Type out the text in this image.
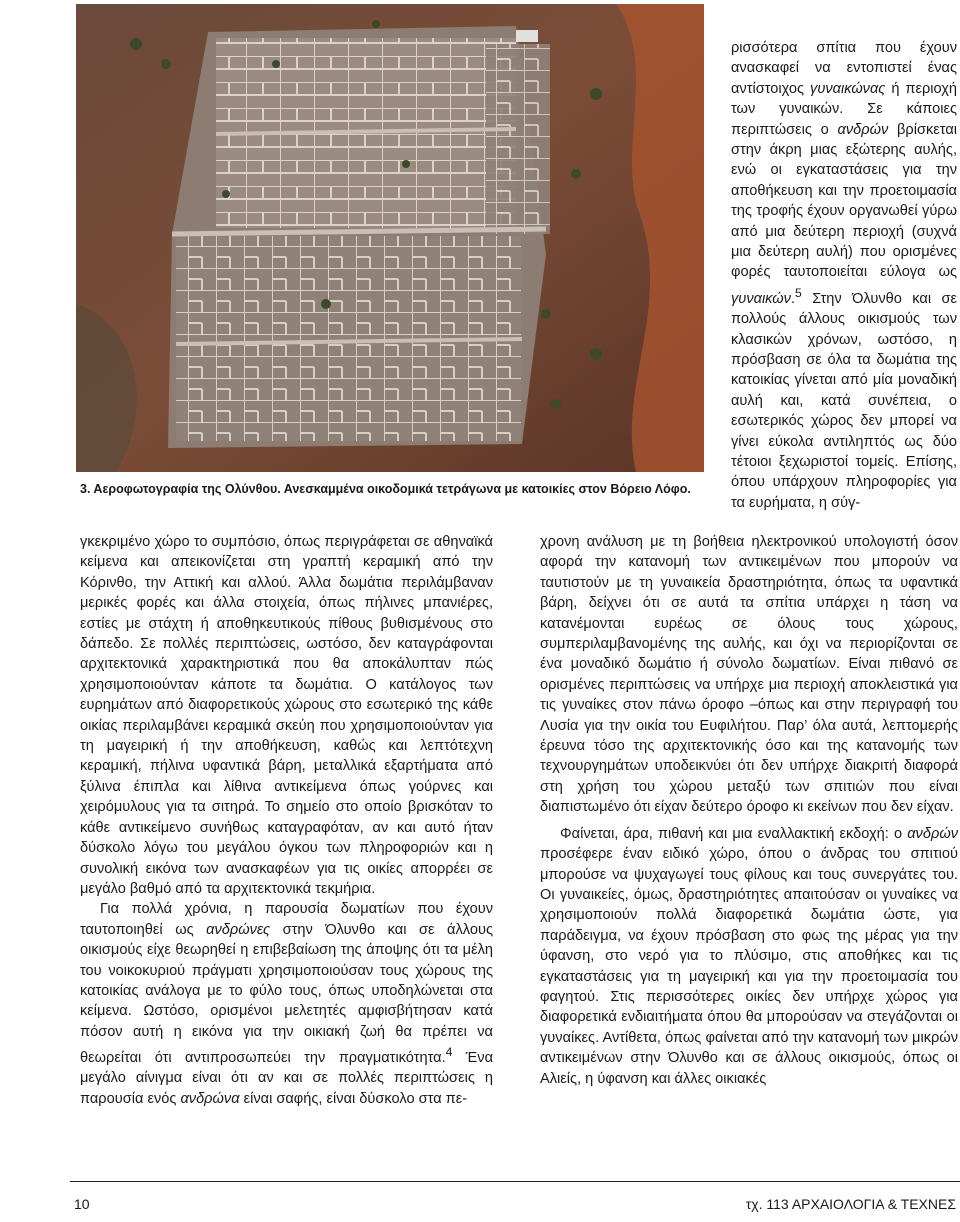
3. Αεροφωτογραφία της Ολύνθου. Ανεσκαμμένα οικοδομικά τετράγωνα με κατοικίες στον Βόρειο Λόφο.

ρισσότερα σπίτια που έχουν ανασκαφεί να εντοπιστεί ένας αντίστοιχος γυναικώνας ή περιοχή των γυναικών. Σε κάποιες περιπτώσεις ο ανδρών βρίσκεται στην άκρη μιας εξώτερης αυλής, ενώ οι εγκαταστάσεις για την αποθήκευση και την προετοιμασία της τροφής έχουν οργανωθεί γύρω από μια δεύτερη περιοχή (συχνά μια δεύτερη αυλή) που ορισμένες φορές ταυτοποιείται εύλογα ως γυναικών.$^5$ Στην Όλυνθο και σε πολλούς άλλους οικισμούς των κλασικών χρόνων, ωστόσο, η πρόσβαση σε όλα τα δωμάτια της κατοικίας γίνεται από μία μοναδική αυλή και, κατά συνέπεια, ο εσωτερικός χώρος δεν μπορεί να γίνει εύκολα αντιληπτός ως δύο τέτοιοι ξεχωριστοί τομείς. Επίσης, όπου υπάρχουν πληροφορίες για τα ευρήματα, η σύγ-

γκεκριμένο χώρο το συμπόσιο, όπως περιγράφεται σε αθηναϊκά κείμενα και απεικονίζεται στη γραπτή κεραμική από την Κόρινθο, την Αττική και αλλού. Άλλα δωμάτια περιλάμβαναν μερικές φορές και άλλα στοιχεία, όπως πήλινες μπανιέρες, εστίες με στάχτη ή αποθηκευτικούς πίθους βυθισμένους στο δάπεδο. Σε πολλές περιπτώσεις, ωστόσο, δεν καταγράφονται αρχιτεκτονικά χαρακτηριστικά που θα αποκάλυπταν πώς χρησιμοποιούνταν κάποτε τα δωμάτια. Ο κατάλογος των ευρημάτων από διαφορετικούς χώρους στο εσωτερικό της κάθε οικίας περιλαμβάνει κεραμικά σκεύη που χρησιμοποιούνταν για τη μαγειρική ή την αποθήκευση, καθώς και λεπτότεχνη κεραμική, πήλινα υφαντικά βάρη, μεταλλικά εξαρτήματα από ξύλινα έπιπλα και λίθινα αντικείμενα όπως γούρνες και χειρόμυλους για τα σιτηρά. Το σημείο στο οποίο βρισκόταν το κάθε αντικείμενο συνήθως καταγραφόταν, αν και αυτό ήταν δύσκολο λόγω του μεγάλου όγκου των πληροφοριών και η συνολική εικόνα των ανασκαφέων για τις οικίες απορρέει σε μεγάλο βαθμό από τα αρχιτεκτονικά τεκμήρια.

Για πολλά χρόνια, η παρουσία δωματίων που έχουν ταυτοποιηθεί ως ανδρώνες στην Όλυνθο και σε άλλους οικισμούς είχε θεωρηθεί η επιβεβαίωση της άποψης ότι τα μέλη του νοικοκυριού πράγματι χρησιμοποιούσαν τους χώρους της κατοικίας ανάλογα με το φύλο τους, όπως υποδηλώνεται στα κείμενα. Ωστόσο, ορισμένοι μελετητές αμφισβήτησαν κατά πόσον αυτή η εικόνα για την οικιακή ζωή θα πρέπει να θεωρείται ότι αντιπροσωπεύει την πραγματικότητα.$^4$ Ένα μεγάλο αίνιγμα είναι ότι αν και σε πολλές περιπτώσεις η παρουσία ενός ανδρώνα είναι σαφής, είναι δύσκολο στα πε-

χρονη ανάλυση με τη βοήθεια ηλεκτρονικού υπολογιστή όσον αφορά την κατανομή των αντικειμένων που μπορούν να ταυτιστούν με τη γυναικεία δραστηριότητα, όπως τα υφαντικά βάρη, δείχνει ότι σε αυτά τα σπίτια υπάρχει η τάση να κατανέμονται ευρέως σε όλους τους χώρους, συμπεριλαμβανομένης της αυλής, και όχι να περιορίζονται σε ένα μοναδικό δωμάτιο ή σύνολο δωματίων. Είναι πιθανό σε ορισμένες περιπτώσεις να υπήρχε μια περιοχή αποκλειστικά για τις γυναίκες στον πάνω όροφο –όπως και στην περιγραφή του Λυσία για την οικία του Ευφιλήτου. Παρ’ όλα αυτά, λεπτομερής έρευνα τόσο της αρχιτεκτονικής όσο και της κατανομής των τεχνουργημάτων υποδεικνύει ότι δεν υπήρχε διακριτή διαφορά στη χρήση του χώρου μεταξύ των σπιτιών που είναι διαπιστωμένο ότι είχαν δεύτερο όροφο κι εκείνων που δεν είχαν.

Φαίνεται, άρα, πιθανή και μια εναλλακτική εκδοχή: ο ανδρών προσέφερε έναν ειδικό χώρο, όπου ο άνδρας του σπιτιού μπορούσε να ψυχαγωγεί τους φίλους και τους συνεργάτες του. Οι γυναικείες, όμως, δραστηριότητες απαιτούσαν οι γυναίκες να χρησιμοποιούν πολλά διαφορετικά δωμάτια ώστε, για παράδειγμα, να έχουν πρόσβαση στο φως της μέρας για την ύφανση, στο νερό για το πλύσιμο, στις αποθήκες και τις εγκαταστάσεις για τη μαγειρική και για την προετοιμασία του φαγητού. Στις περισσότερες οικίες δεν υπήρχε χώρος για διαφορετικά ενδιαιτήματα όπου θα μπορούσαν να στεγάζονται οι γυναίκες. Αντίθετα, όπως φαίνεται από την κατανομή των μικρών αντικειμένων στην Όλυνθο και σε άλλους οικισμούς, όπως οι Αλιείς, η ύφανση και άλλες οικιακές

10	τχ. 113 ΑΡΧΑΙΟΛΟΓΙΑ & ΤΕΧΝΕΣ
